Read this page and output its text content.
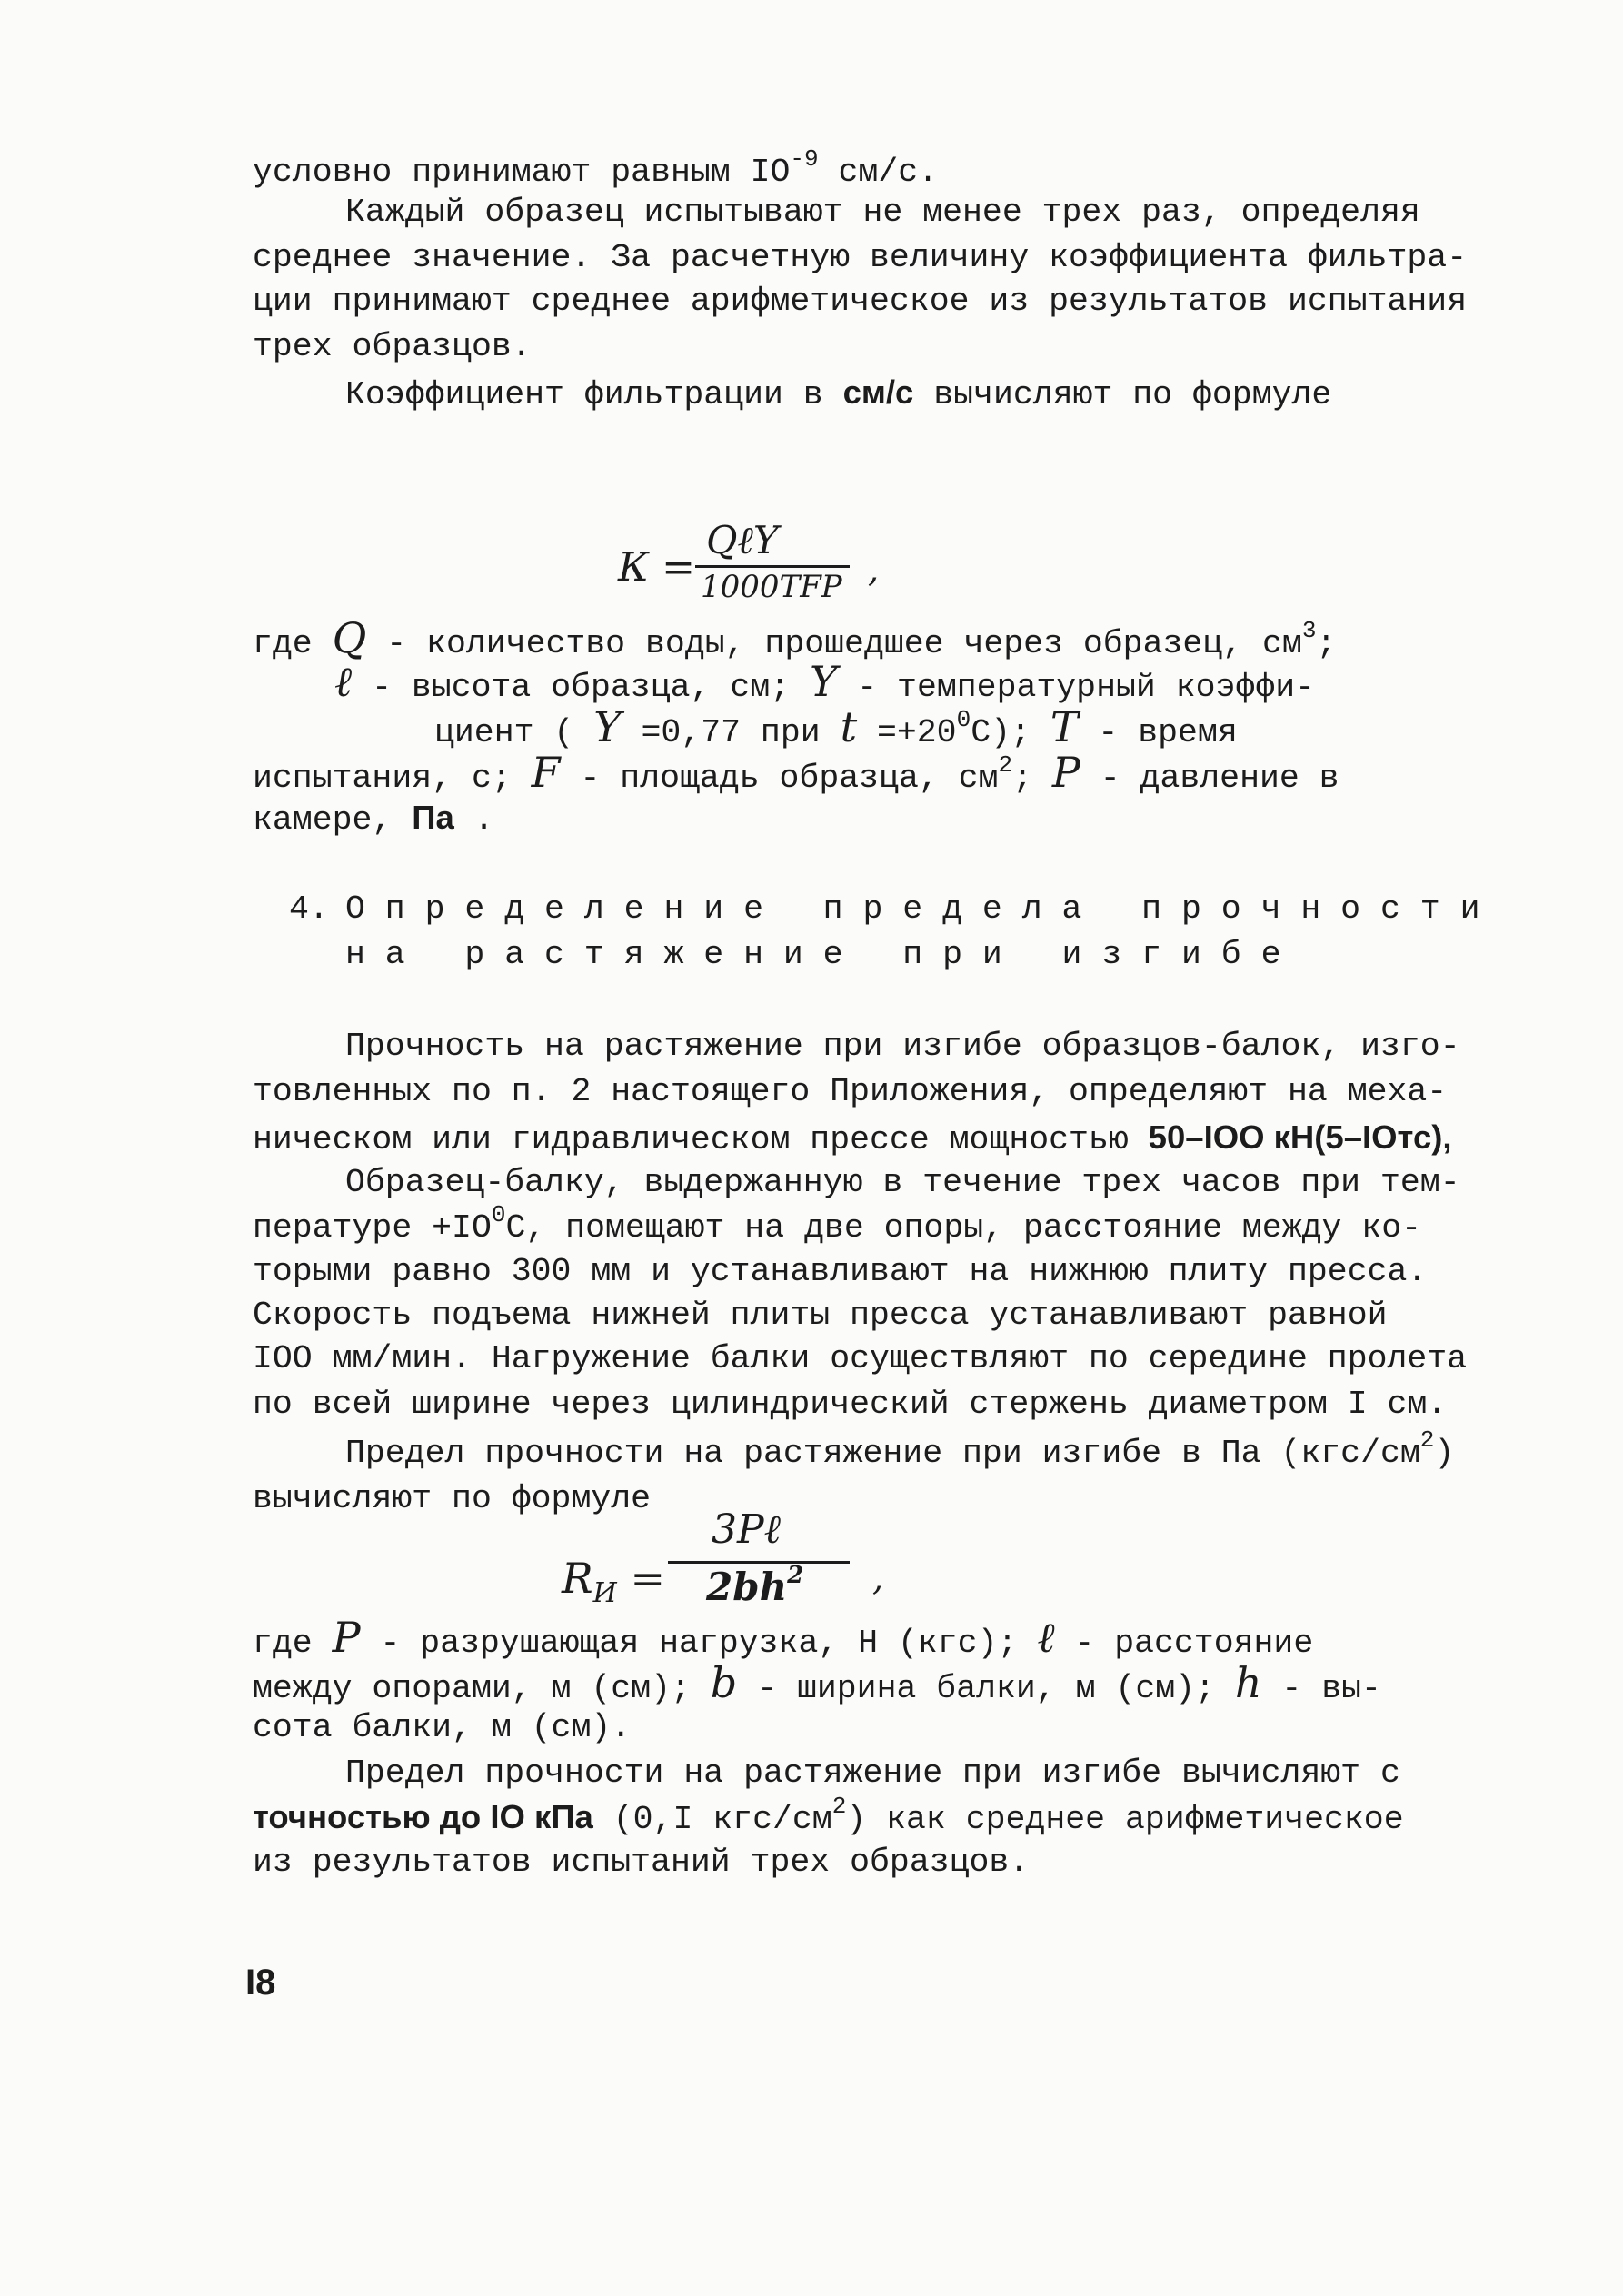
условно принимают равным $IO^{-9}$ см/с.
Каждый образец испытывают не менее трех раз, определяя
среднее значение. За расчетную величину коэффициента фильтра-
ции принимают среднее арифметическое из результатов испытания
трех образцов.
Коэффициент фильтрации в см/с вычисляют по формуле
К =
QℓY
1000TFP ,
где Q - количество воды, прошедшее через образец, $см^3$;
ℓ - высота образца, см; Y - температурный коэффи-
циент ( Y =0,77 при $t =+20^0С$); T - время
испытания, с; F - площадь образца, $см^2$; P - давление в
камере, Па .
4. О п р е д е л е н и е   п р е д е л а   п р о ч н о с т и
н а   р а с т я ж е н и е   п р и   и з г и б е
Прочность на растяжение при изгибе образцов-балок, изго-
товленных по п. 2 настоящего Приложения, определяют на меха-
ническом или гидравлическом прессе мощностью 50–IOO кН(5–IOтс),
Образец-балку, выдержанную в течение трех часов при тем-
пературе $+IO^0С$, помещают на две опоры, расстояние между ко-
торыми равно 300 мм и устанавливают на нижнюю плиту пресса.
Скорость подъема нижней плиты пресса устанавливают равной
IOO мм/мин. Нагружение балки осуществляют по середине пролета
по всей ширине через цилиндрический стержень диаметром I см.
Предел прочности на растяжение при изгибе в Па $(кгс/см^2)$
вычисляют по формуле
$R_И$ =
3Pℓ
$2bh^2$ ,
где P - разрушающая нагрузка, Н (кгс); ℓ - расстояние
между опорами, м (см); b - ширина балки, м (см); h - вы-
сота балки, м (см).
Предел прочности на растяжение при изгибе вычисляют с
точностью до IO кПа (0,I кгс/$см^2$) как среднее арифметическое
из результатов испытаний трех образцов.
I8
